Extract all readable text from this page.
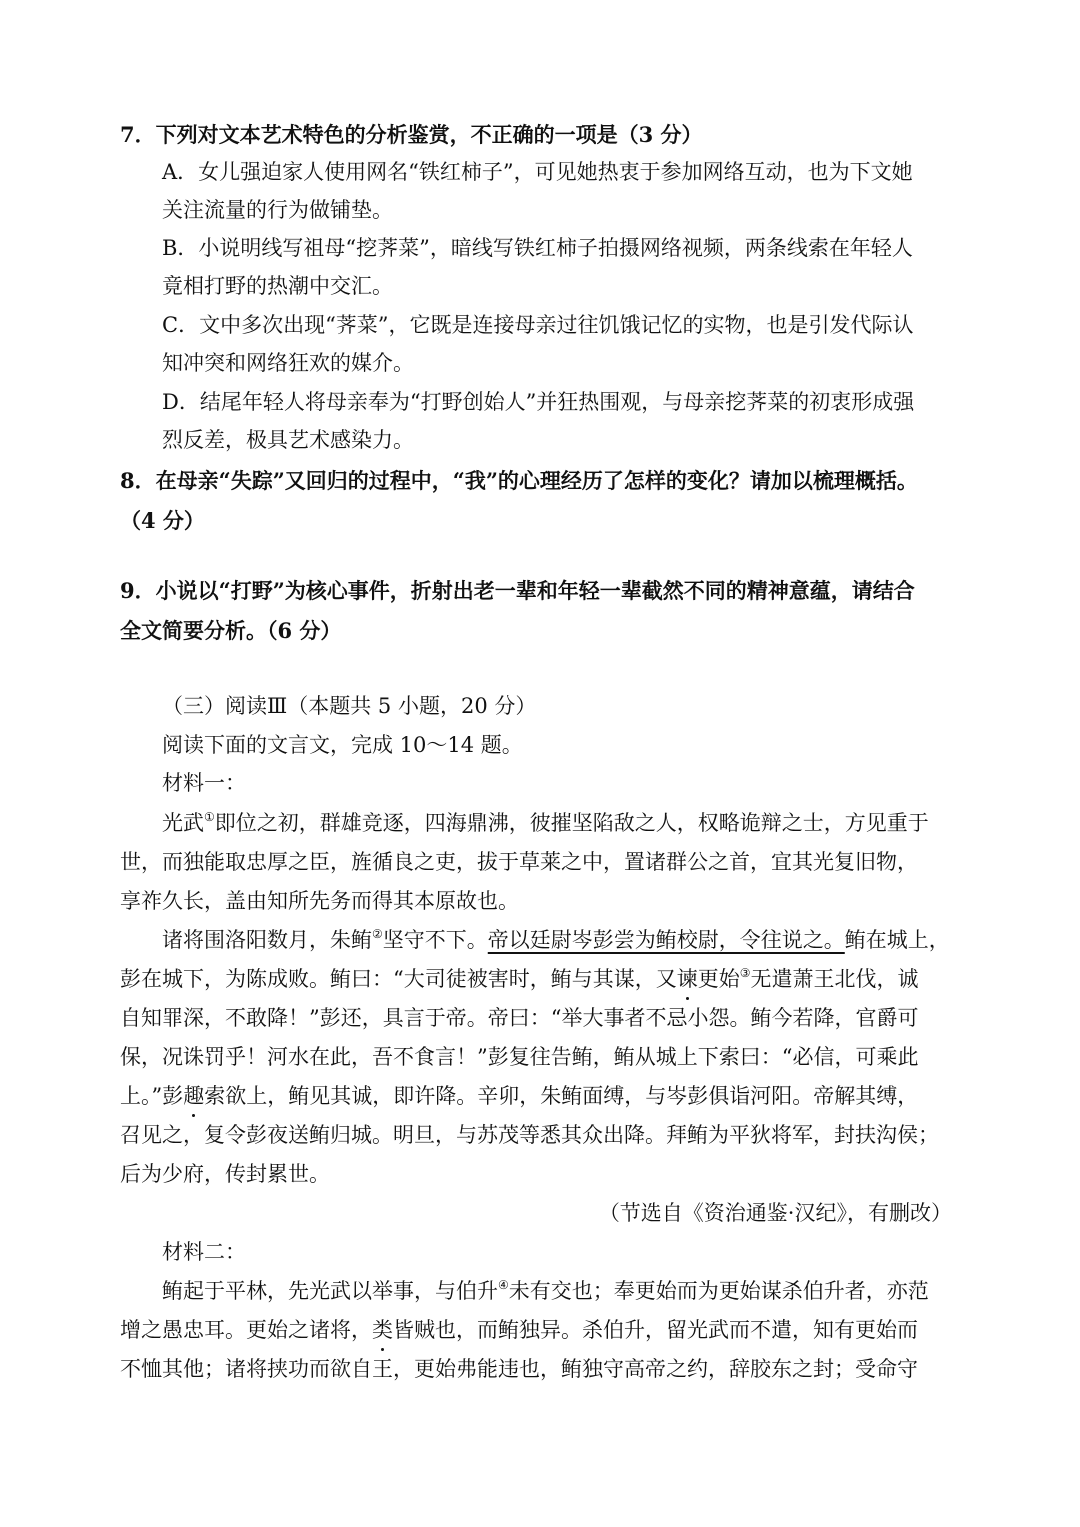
7．下列对文本艺术特色的分析鉴赏，不正确的一项是（3 分）
A．女儿强迫家人使用网名“铁红柿子”，可见她热衷于参加网络互动，也为下文她
关注流量的行为做铺垫。
B．小说明线写祖母“挖荠菜”，暗线写铁红柿子拍摄网络视频，两条线索在年轻人
竟相打野的热潮中交汇。
C．文中多次出现“荠菜”，它既是连接母亲过往饥饿记忆的实物，也是引发代际认
知冲突和网络狂欢的媒介。
D．结尾年轻人将母亲奉为“打野创始人”并狂热围观，与母亲挖荠菜的初衷形成强
烈反差，极具艺术感染力。
8．在母亲“失踪”又回归的过程中，“我”的心理经历了怎样的变化？请加以梳理概括。
（4 分）
9．小说以“打野”为核心事件，折射出老一辈和年轻一辈截然不同的精神意蕴，请结合
全文简要分析。（6 分）
（三）阅读Ⅲ（本题共 5 小题，20 分）
阅读下面的文言文，完成 10～14 题。
材料一：
光武①即位之初，群雄竞逐，四海鼎沸，彼摧坚陷敌之人，权略诡辩之士，方见重于
世，而独能取忠厚之臣，旌循良之吏，拔于草莱之中，置诸群公之首，宜其光复旧物，
享祚久长，盖由知所先务而得其本原故也。
诸将围洛阳数月，朱鲔②坚守不下。帝以廷尉岑彭尝为鲔校尉，令往说之。鲔在城上，
彭在城下，为陈成败。鲔曰：“大司徒被害时，鲔与其谋，又谏更始③无遣萧王北伐，诚
自知罪深，不敢降！”彭还，具言于帝。帝曰：“举大事者不忌小怨。鲔今若降，官爵可
保，况诛罚乎！河水在此，吾不食言！”彭复往告鲔，鲔从城上下索曰：“必信，可乘此
上。”彭趣索欲上，鲔见其诚，即许降。辛卯，朱鲔面缚，与岑彭俱诣河阳。帝解其缚，
召见之，复令彭夜送鲔归城。明旦，与苏茂等悉其众出降。拜鲔为平狄将军，封扶沟侯；
后为少府，传封累世。
（节选自《资治通鉴·汉纪》，有删改）
材料二：
鲔起于平林，先光武以举事，与伯升④未有交也；奉更始而为更始谋杀伯升者，亦范
增之愚忠耳。更始之诸将，类皆贼也，而鲔独异。杀伯升，留光武而不遣，知有更始而
不恤其他；诸将挟功而欲自王，更始弗能违也，鲔独守高帝之约，辞胶东之封；受命守
